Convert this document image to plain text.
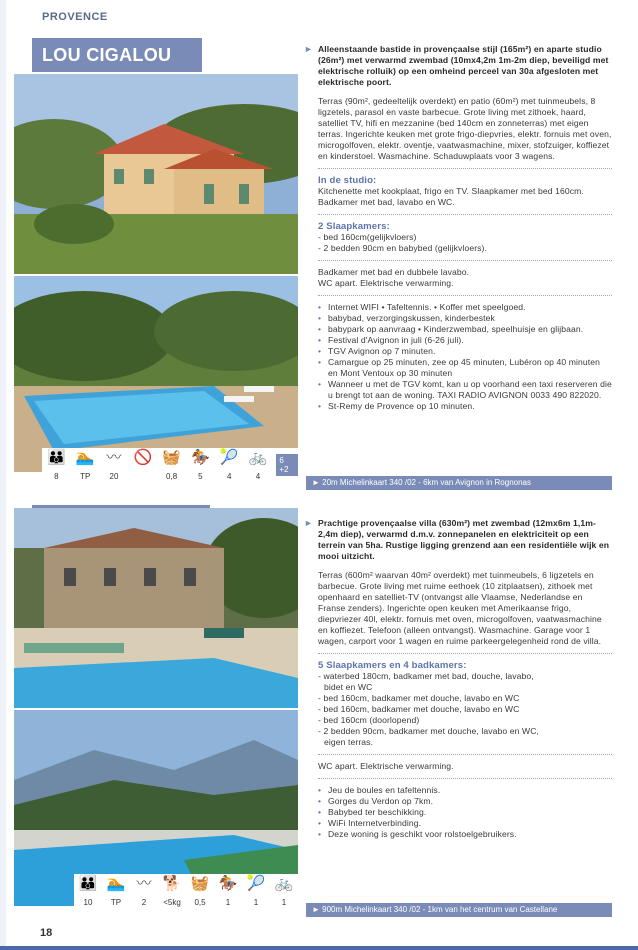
PROVENCE
LOU CIGALOU
👪
8
🏊
TP
〰
20
🚫 🧺
0,8
🏇
5
🎾
4
🚲
4
6 +2

► Alleenstaande bastide in provençaalse stijl (165m²) en aparte studio (26m²) met verwarmd zwembad (10mx4,2m 1m-2m diep, beveiligd met elektrische rolluik) op een omheind perceel van 30a afgesloten met elektrische poort.

Terras (90m², gedeeltelijk overdekt) en patio (60m²) met tuinmeubels, 8 ligzetels, parasol en vaste barbecue. Grote living met zithoek, haard, satelliet TV, hifi en mezzanine (bed 140cm en zonneterras) met eigen terras. Ingerichte keuken met grote frigo-diepvries, elektr. fornuis met oven, microgolfoven, elektr. oventje, vaatwasmachine, mixer, stofzuiger, koffiezet en kinderstoel. Wasmachine. Schaduwplaats voor 3 wagens.

In de studio:

Kitchenette met kookplaat, frigo en TV. Slaapkamer met bed 160cm. Badkamer met bad, lavabo en WC.

2 Slaapkamers:

- bed 160cm(gelijkvloers)

- 2 bedden 90cm en babybed (gelijkvloers).

Badkamer met bad en dubbele lavabo.

WC apart. Elektrische verwarming.

• Internet WIFI • Tafeltennis. • Koffer met speelgoed.
• babybad, verzorgingskussen, kinderbestek
• babypark op aanvraag • Kinderzwembad, speelhuisje en glijbaan.
• Festival d'Avignon in juli (6-26 juli).
• TGV Avignon op 7 minuten.
• Camargue op 25 minuten, zee op 45 minuten, Lubéron op 40 minuten en Mont Ventoux op 30 minuten
• Wanneer u met de TGV komt, kan u op voorhand een taxi reserveren die u brengt tot aan de woning. TAXI RADIO AVIGNON 0033 490 822020.
• St-Remy de Provence op 10 minuten.
► 20m Michelinkaart 340 /02 - 6km van Avignon in Rognonas
👪
10
🏊
TP
〰
2
🐕
<5kg
🧺
0,5
🏇
1
🎾
1
🚲
1

► Prachtige provençaalse villa (630m²) met zwembad (12mx6m 1,1m-2,4m diep), verwarmd d.m.v. zonnepanelen en elektriciteit op een terrein van 5ha. Rustige ligging grenzend aan een residentiële wijk en mooi uitzicht.

Terras (600m² waarvan 40m² overdekt) met tuinmeubels, 6 ligzetels en barbecue. Grote living met ruime eethoek (10 zitplaatsen), zithoek met openhaard en satelliet-TV (ontvangst alle Vlaamse, Nederlandse en Franse zenders). Ingerichte open keuken met Amerikaanse frigo, diepvriezer 40l, elektr. fornuis met oven, microgolfoven, vaatwasmachine en koffiezet. Telefoon (alleen ontvangst). Wasmachine. Garage voor 1 wagen, carport voor 1 wagen en ruime parkeergelegenheid rond de villa.

5 Slaapkamers en 4 badkamers:

- waterbed 180cm, badkamer met bad, douche, lavabo,

bidet en WC

- bed 160cm, badkamer met douche, lavabo en WC

- bed 160cm, badkamer met douche, lavabo en WC

- bed 160cm (doorlopend)

- 2 bedden 90cm, badkamer met douche, lavabo en WC,

eigen terras.

WC apart. Elektrische verwarming.

• Jeu de boules en tafeltennis.
• Gorges du Verdon op 7km.
• Babybed ter beschikking.
• WiFi Internetverbinding.
• Deze woning is geschikt voor rolstoelgebruikers.
► 900m Michelinkaart 340 /02 - 1km van het centrum van Castellane
18
